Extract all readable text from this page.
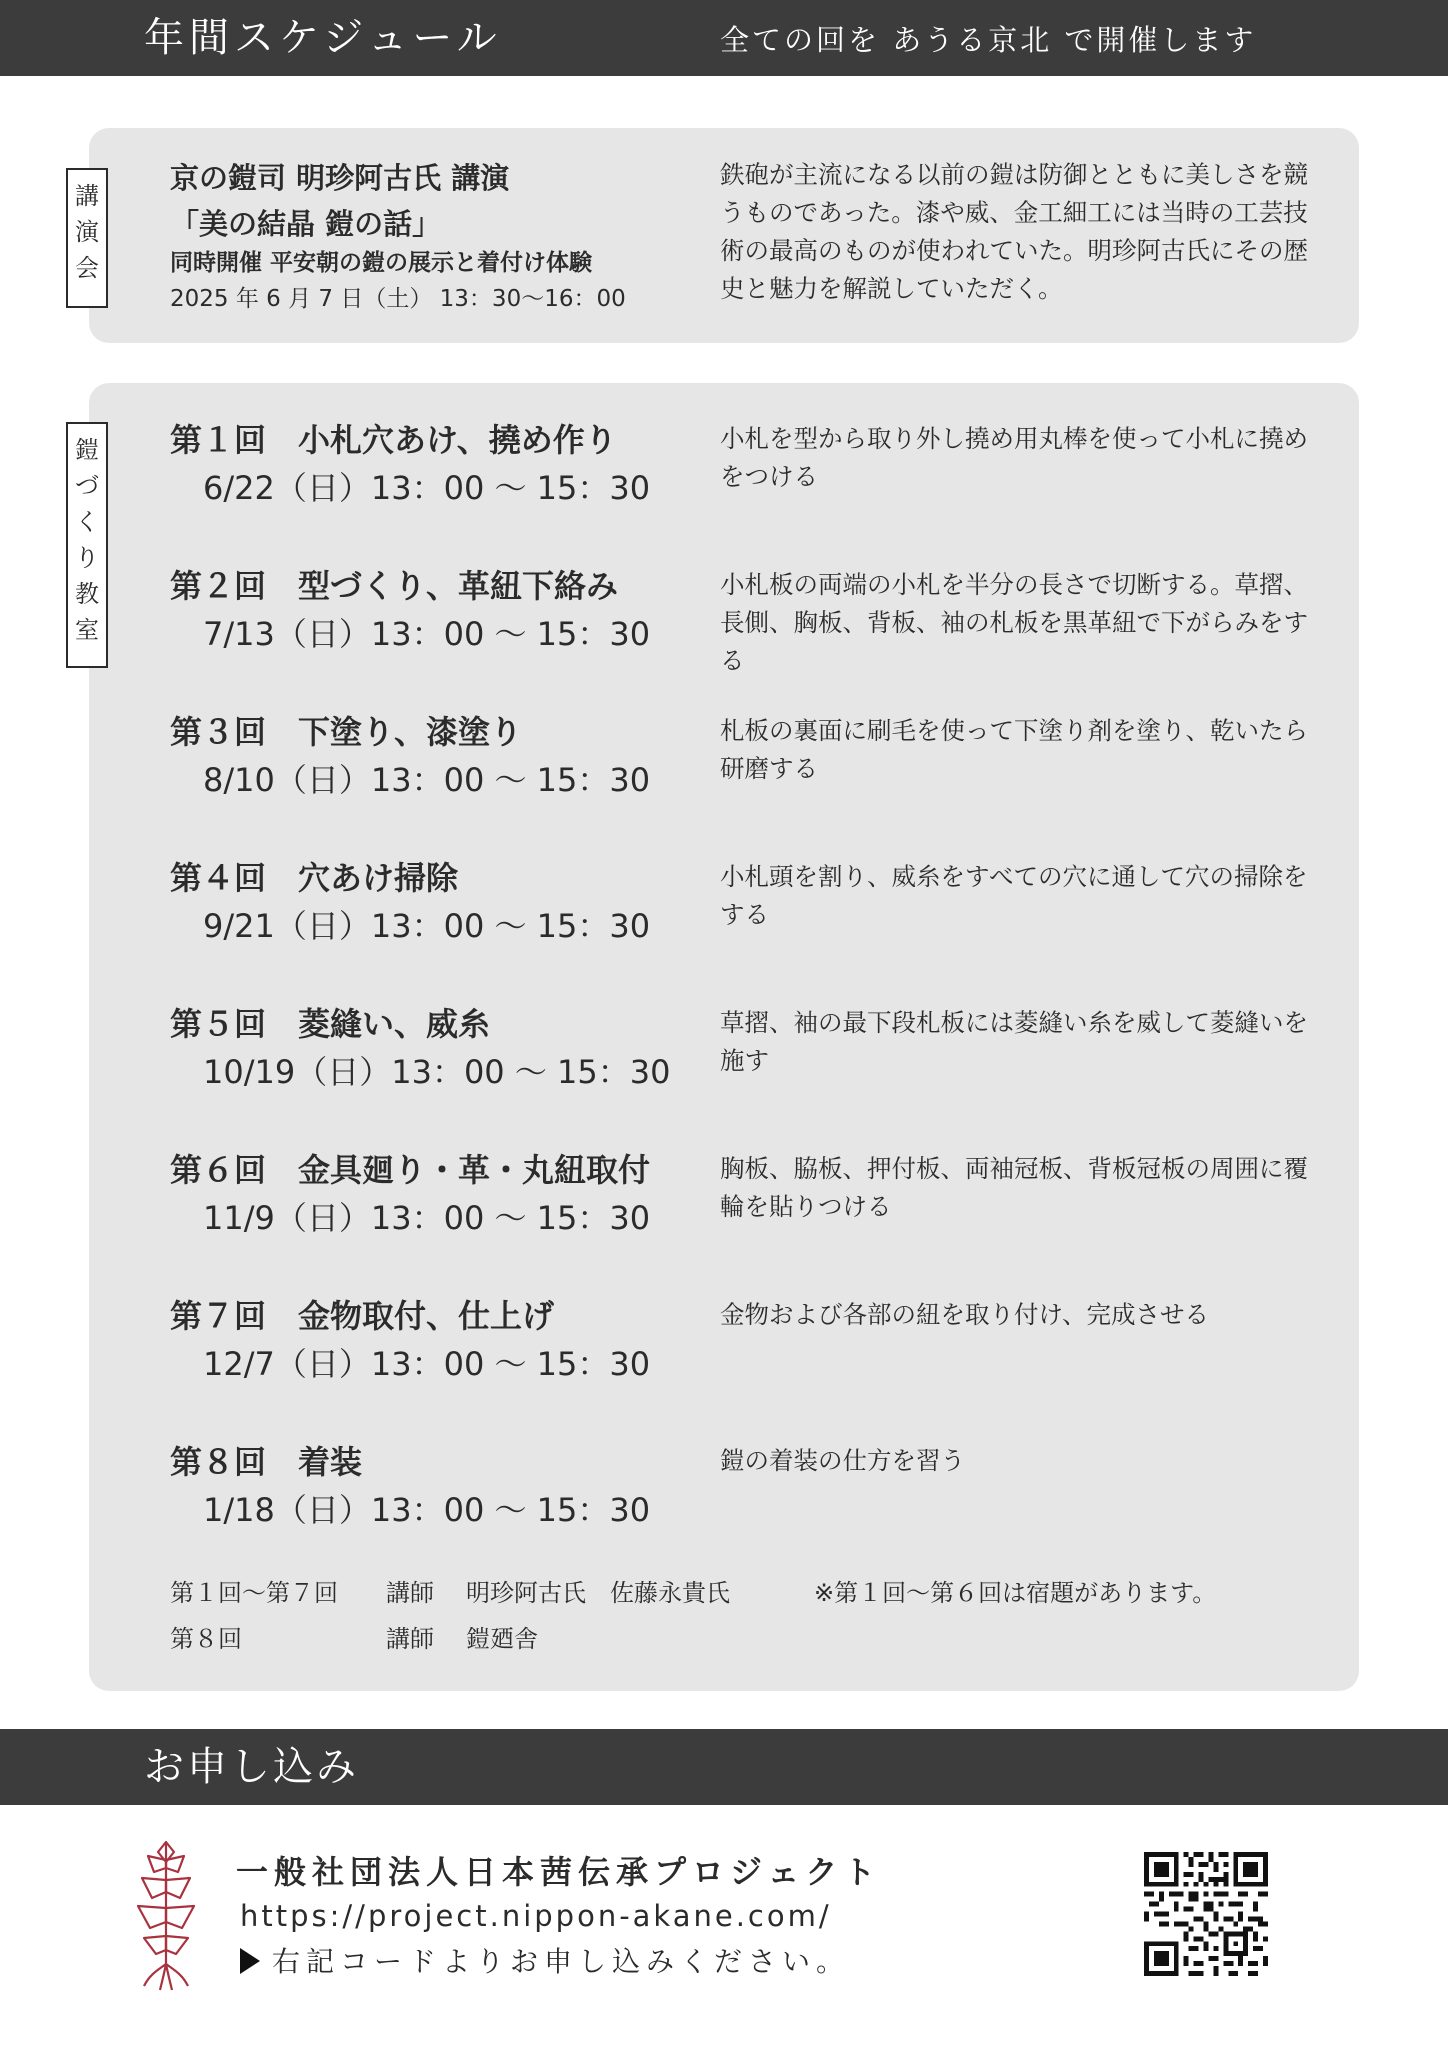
年間スケジュール	全ての回を あうる京北 で開催します
講
演
会
京の鎧司 明珍阿古氏 講演
「美の結晶 鎧の話」
同時開催 平安朝の鎧の展示と着付け体験
2025 年 6 月 7 日（土） 13：30〜16：00
鉄砲が主流になる以前の鎧は防御とともに美しさを競うものであった。漆や威、金工細工には当時の工芸技術の最高のものが使われていた。明珍阿古氏にその歴史と魅力を解説していただく。
鎧
づ
く
り
教
室
第１回　小札穴あけ、撓め作り
6/22（日）13：00 〜 15：30
小札を型から取り外し撓め用丸棒を使って小札に撓めをつける
第２回　型づくり、革紐下絡み
7/13（日）13：00 〜 15：30
小札板の両端の小札を半分の長さで切断する。草摺、長側、胸板、背板、袖の札板を黒革紐で下がらみをする
第３回　下塗り、漆塗り
8/10（日）13：00 〜 15：30
札板の裏面に刷毛を使って下塗り剤を塗り、乾いたら研磨する
第４回　穴あけ掃除
9/21（日）13：00 〜 15：30
小札頭を割り、威糸をすべての穴に通して穴の掃除をする
第５回　菱縫い、威糸
10/19（日）13：00 〜 15：30
草摺、袖の最下段札板には菱縫い糸を威して菱縫いを施す
第６回　金具廻り・革・丸紐取付
11/9（日）13：00 〜 15：30
胸板、脇板、押付板、両袖冠板、背板冠板の周囲に覆輪を貼りつける
第７回　金物取付、仕上げ
12/7（日）13：00 〜 15：30
金物および各部の紐を取り付け、完成させる
第８回　着装
1/18（日）13：00 〜 15：30
鎧の着装の仕方を習う
第１回〜第７回 講師 明珍阿古氏　佐藤永貴氏	※第１回〜第６回は宿題があります。
第８回	講師 鎧廼舎
お申し込み
一般社団法人日本茜伝承プロジェクト
https://project.nippon-akane.com/
右記コードよりお申し込みください。
